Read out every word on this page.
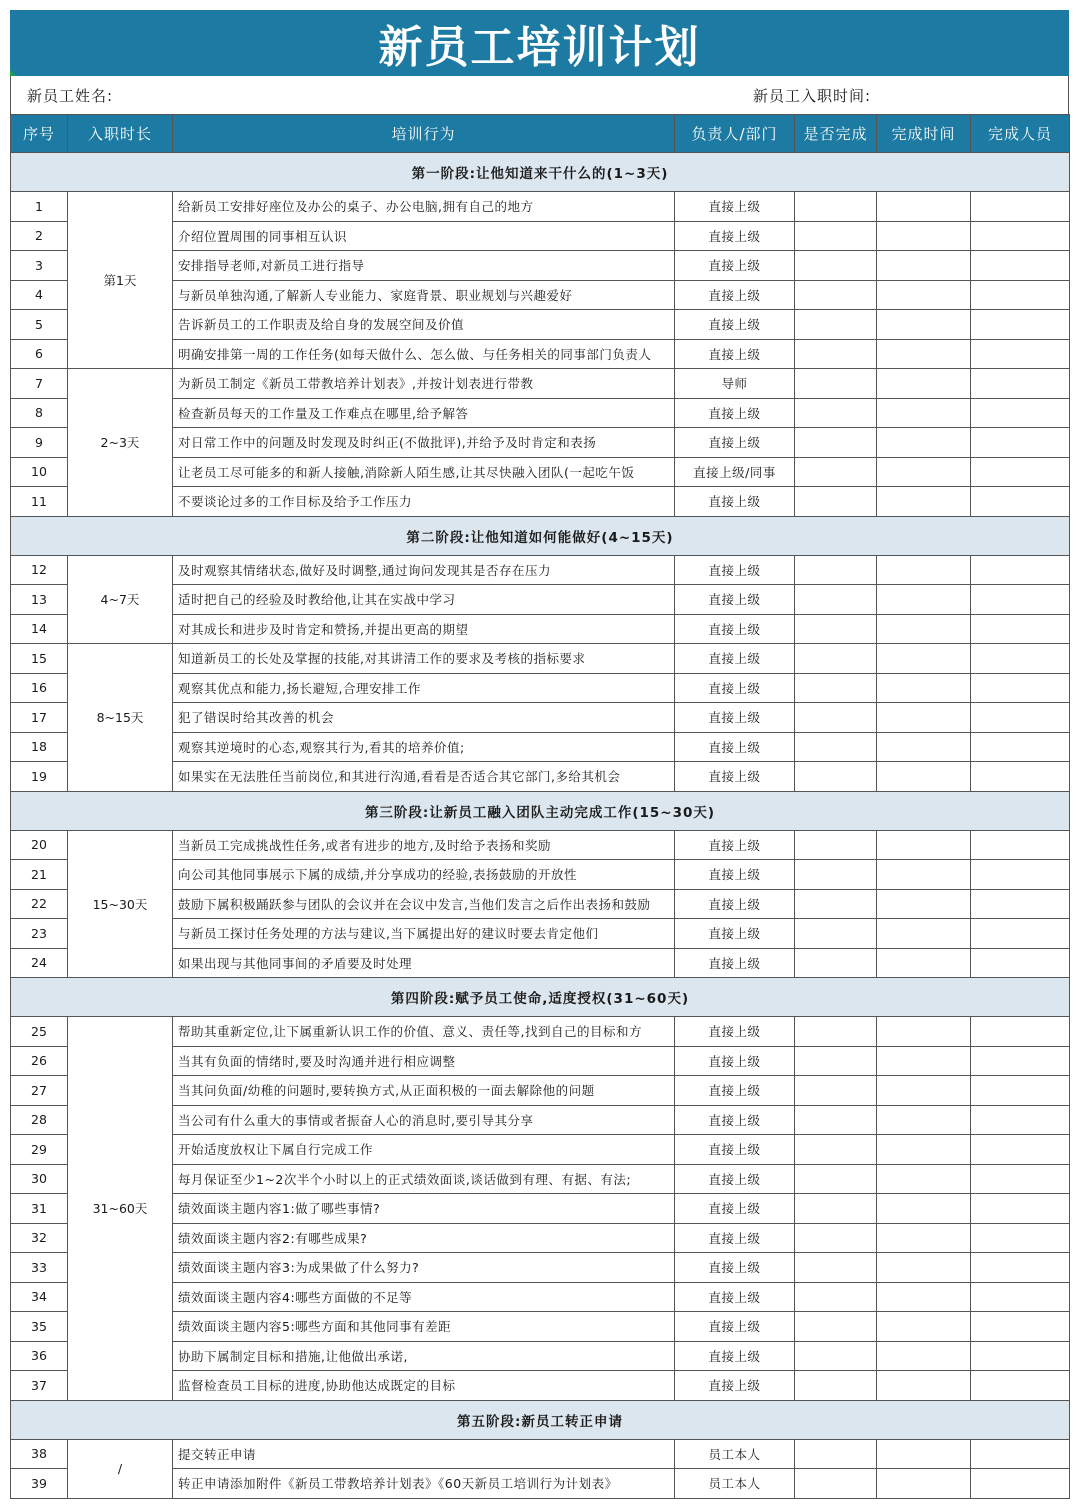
新员工培训计划
新员工姓名:	新员工入职时间:
序号	入职时长	培训行为	负责人/部门	是否完成	完成时间	完成人员
第一阶段:让他知道来干什么的(1~3天)						
1	第1天	给新员工安排好座位及办公的桌子、办公电脑,拥有自己的地方	直接上级			
2		介绍位置周围的同事相互认识	直接上级			
3		安排指导老师,对新员工进行指导	直接上级			
4		与新员单独沟通,了解新人专业能力、家庭背景、职业规划与兴趣爱好	直接上级			
5		告诉新员工的工作职责及给自身的发展空间及价值	直接上级			
6		明确安排第一周的工作任务(如每天做什么、怎么做、与任务相关的同事部门负责人	直接上级			
7	2~3天	为新员工制定《新员工带教培养计划表》,并按计划表进行带教	导师			
8		检查新员每天的工作量及工作难点在哪里,给予解答	直接上级			
9		对日常工作中的问题及时发现及时纠正(不做批评),并给予及时肯定和表扬	直接上级			
10		让老员工尽可能多的和新人接触,消除新人陌生感,让其尽快融入团队(一起吃午饭	直接上级/同事			
11		不要谈论过多的工作目标及给予工作压力	直接上级			
第二阶段:让他知道如何能做好(4~15天)						
12	4~7天	及时观察其情绪状态,做好及时调整,通过询问发现其是否存在压力	直接上级			
13		适时把自己的经验及时教给他,让其在实战中学习	直接上级			
14		对其成长和进步及时肯定和赞扬,并提出更高的期望	直接上级			
15	8~15天	知道新员工的长处及掌握的技能,对其讲清工作的要求及考核的指标要求	直接上级			
16		观察其优点和能力,扬长避短,合理安排工作	直接上级			
17		犯了错误时给其改善的机会	直接上级			
18		观察其逆境时的心态,观察其行为,看其的培养价值;	直接上级			
19		如果实在无法胜任当前岗位,和其进行沟通,看看是否适合其它部门,多给其机会	直接上级			
第三阶段:让新员工融入团队主动完成工作(15~30天)						
20	15~30天	当新员工完成挑战性任务,或者有进步的地方,及时给予表扬和奖励	直接上级			
21		向公司其他同事展示下属的成绩,并分享成功的经验,表扬鼓励的开放性	直接上级			
22		鼓励下属积极踊跃参与团队的会议并在会议中发言,当他们发言之后作出表扬和鼓励	直接上级			
23		与新员工探讨任务处理的方法与建议,当下属提出好的建议时要去肯定他们	直接上级			
24		如果出现与其他同事间的矛盾要及时处理	直接上级			
第四阶段:赋予员工使命,适度授权(31~60天)						
25	31~60天	帮助其重新定位,让下属重新认识工作的价值、意义、责任等,找到自己的目标和方	直接上级			
26		当其有负面的情绪时,要及时沟通并进行相应调整	直接上级			
27		当其问负面/幼稚的问题时,要转换方式,从正面积极的一面去解除他的问题	直接上级			
28		当公司有什么重大的事情或者振奋人心的消息时,要引导其分享	直接上级			
29		开始适度放权让下属自行完成工作	直接上级			
30		每月保证至少1~2次半个小时以上的正式绩效面谈,谈话做到有理、有据、有法;	直接上级			
31		绩效面谈主题内容1:做了哪些事情?	直接上级			
32		绩效面谈主题内容2:有哪些成果?	直接上级			
33		绩效面谈主题内容3:为成果做了什么努力?	直接上级			
34		绩效面谈主题内容4:哪些方面做的不足等	直接上级			
35		绩效面谈主题内容5:哪些方面和其他同事有差距	直接上级			
36		协助下属制定目标和措施,让他做出承诺,	直接上级			
37		监督检查员工目标的进度,协助他达成既定的目标	直接上级			
第五阶段:新员工转正申请						
38	/	提交转正申请	员工本人			
39		转正申请添加附件《新员工带教培养计划表》《60天新员工培训行为计划表》	员工本人			
